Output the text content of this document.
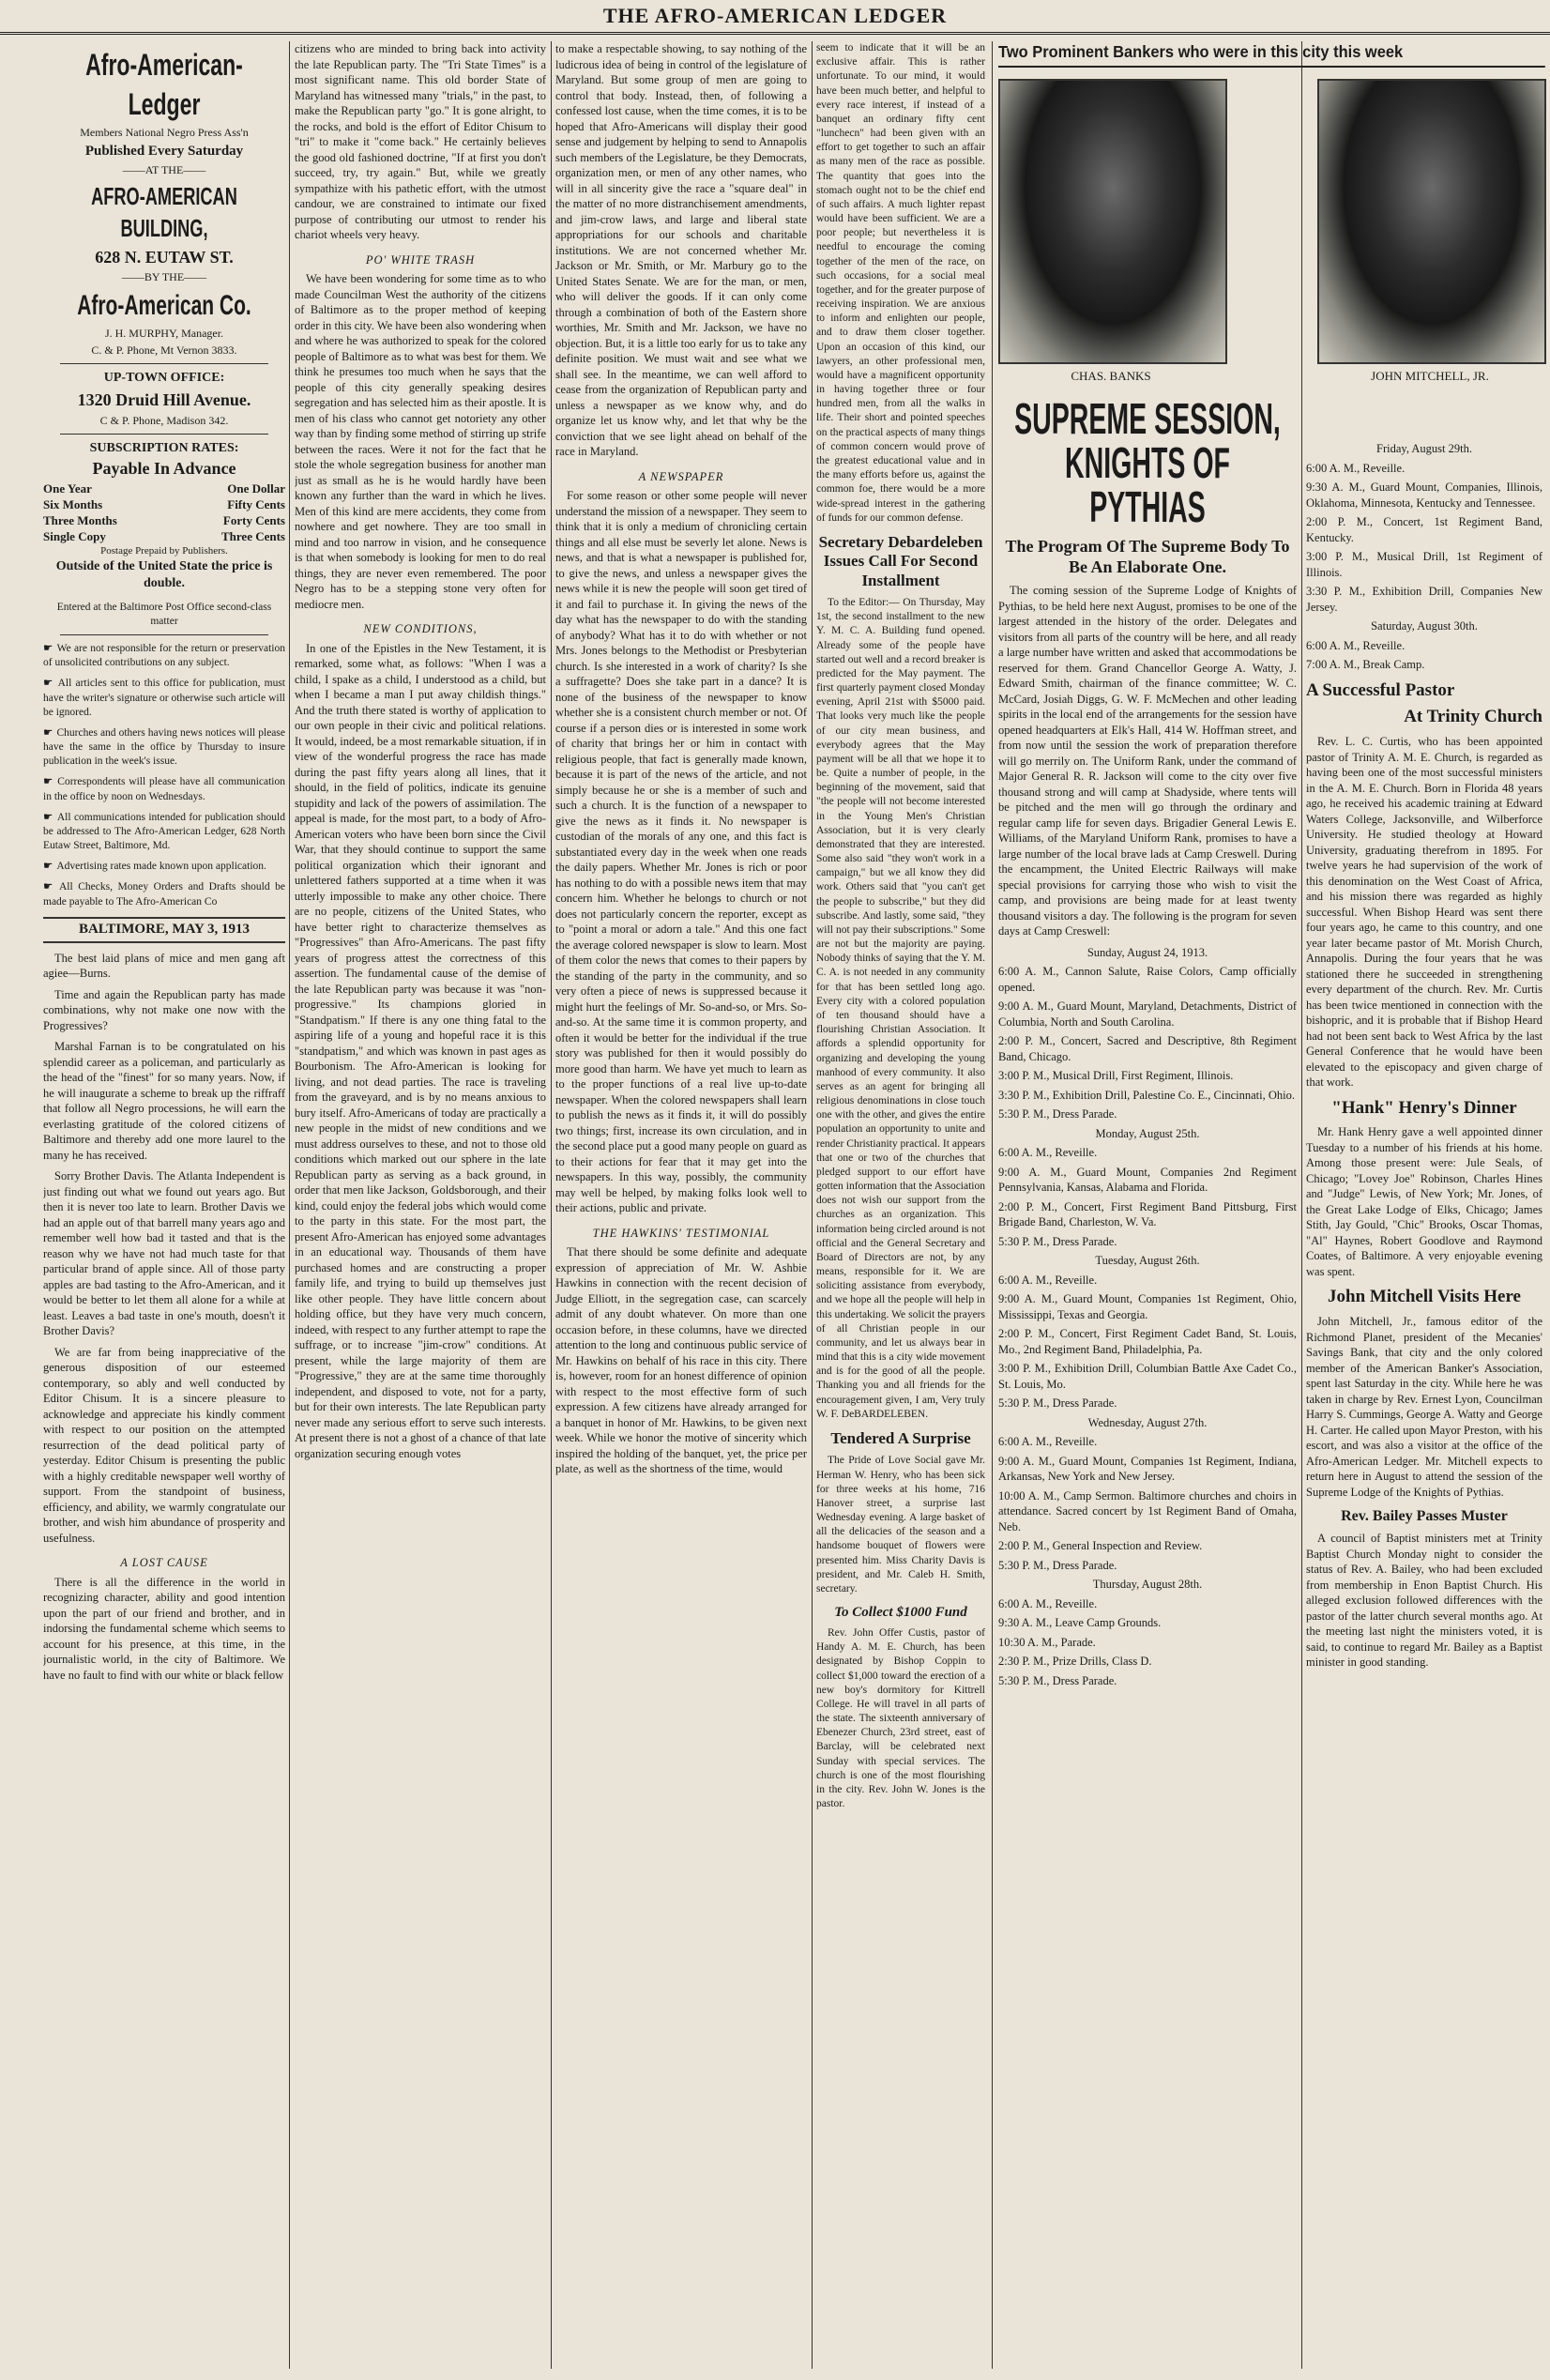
THE AFRO-AMERICAN LEDGER
Afro-American-Ledger
Members National Negro Press Ass'n
Published Every Saturday
——AT THE——
AFRO-AMERICAN BUILDING,
628 N. EUTAW ST.
——BY THE——
Afro-American Co.
J. H. MURPHY, Manager.
C. & P. Phone, Mt Vernon 3833.
UP-TOWN OFFICE:
1320 Druid Hill Avenue.
C & P. Phone, Madison 342.
SUBSCRIPTION RATES:
Payable In Advance
One Year	One Dollar
Six Months	Fifty Cents
Three Months	Forty Cents
Single Copy	Three Cents
Postage Prepaid by Publishers.
Outside of the United State the price is double.
Entered at the Baltimore Post Office second-class matter

☛ We are not responsible for the return or preservation of unsolicited contributions on any subject.

☛ All articles sent to this office for publication, must have the writer's signature or otherwise such article will be ignored.

☛ Churches and others having news notices will please have the same in the office by Thursday to insure publication in the week's issue.

☛ Correspondents will please have all communication in the office by noon on Wednesdays.

☛ All communications intended for publication should be addressed to The Afro-American Ledger, 628 North Eutaw Street, Baltimore, Md.

☛ Advertising rates made known upon application.

☛ All Checks, Money Orders and Drafts should be made payable to The Afro-American Co

BALTIMORE, MAY 3, 1913

The best laid plans of mice and men gang aft agiee—Burns.

Time and again the Republican party has made combinations, why not make one now with the Progressives?

Marshal Farnan is to be congratulated on his splendid career as a policeman, and particularly as the head of the "finest" for so many years. Now, if he will inaugurate a scheme to break up the riffraff that follow all Negro processions, he will earn the everlasting gratitude of the colored citizens of Baltimore and thereby add one more laurel to the many he has received.

Sorry Brother Davis. The Atlanta Independent is just finding out what we found out years ago. But then it is never too late to learn. Brother Davis we had an apple out of that barrell many years ago and remember well how bad it tasted and that is the reason why we have not had much taste for that particular brand of apple since. All of those party apples are bad tasting to the Afro-American, and it would be better to let them all alone for a while at least. Leaves a bad taste in one's mouth, doesn't it Brother Davis?

We are far from being inappreciative of the generous disposition of our esteemed contemporary, so ably and well conducted by Editor Chisum. It is a sincere pleasure to acknowledge and appreciate his kindly comment with respect to our position on the attempted resurrection of the dead political party of yesterday. Editor Chisum is presenting the public with a highly creditable newspaper well worthy of support. From the standpoint of business, efficiency, and ability, we warmly congratulate our brother, and wish him abundance of prosperity and usefulness.

A LOST CAUSE

There is all the difference in the world in recognizing character, ability and good intention upon the part of our friend and brother, and in indorsing the fundamental scheme which seems to account for his presence, at this time, in the journalistic world, in the city of Baltimore. We have no fault to find with our white or black fellow

citizens who are minded to bring back into activity the late Republican party. The "Tri State Times" is a most significant name. This old border State of Maryland has witnessed many "trials," in the past, to make the Republican party "go." It is gone alright, to the rocks, and bold is the effort of Editor Chisum to "tri" to make it "come back." He certainly believes the good old fashioned doctrine, "If at first you don't succeed, try, try again." But, while we greatly sympathize with his pathetic effort, with the utmost candour, we are constrained to intimate our fixed purpose of contributing our utmost to render his chariot wheels very heavy.

PO' WHITE TRASH

We have been wondering for some time as to who made Councilman West the authority of the citizens of Baltimore as to the proper method of keeping order in this city. We have been also wondering when and where he was authorized to speak for the colored people of Baltimore as to what was best for them. We think he presumes too much when he says that the people of this city generally speaking desires segregation and has selected him as their apostle. It is men of his class who cannot get notoriety any other way than by finding some method of stirring up strife between the races. Were it not for the fact that he stole the whole segregation business for another man just as small as he is he would hardly have been known any further than the ward in which he lives. Men of this kind are mere accidents, they come from nowhere and get nowhere. They are too small in mind and too narrow in vision, and he consequence is that when somebody is looking for men to do real things, they are never even remembered. The poor Negro has to be a stepping stone very often for mediocre men.

NEW CONDITIONS,

In one of the Epistles in the New Testament, it is remarked, some what, as follows: "When I was a child, I spake as a child, I understood as a child, but when I became a man I put away childish things." And the truth there stated is worthy of application to our own people in their civic and political relations. It would, indeed, be a most remarkable situation, if in view of the wonderful progress the race has made during the past fifty years along all lines, that it should, in the field of politics, indicate its genuine stupidity and lack of the powers of assimilation. The appeal is made, for the most part, to a body of Afro-American voters who have been born since the Civil War, that they should continue to support the same political organization which their ignorant and unlettered fathers supported at a time when it was utterly impossible to make any other choice. There are no people, citizens of the United States, who have better right to characterize themselves as "Progressives" than Afro-Americans. The past fifty years of progress attest the correctness of this assertion. The fundamental cause of the demise of the late Republican party was because it was "non-progressive." Its champions gloried in "Standpatism." If there is any one thing fatal to the aspiring life of a young and hopeful race it is this "standpatism," and which was known in past ages as Bourbonism. The Afro-American is looking for living, and not dead parties. The race is traveling from the graveyard, and is by no means anxious to bury itself. Afro-Americans of today are practically a new people in the midst of new conditions and we must address ourselves to these, and not to those old conditions which marked out our sphere in the late Republican party as serving as a back ground, in order that men like Jackson, Goldsborough, and their kind, could enjoy the federal jobs which would come to the party in this state. For the most part, the present Afro-American has enjoyed some advantages in an educational way. Thousands of them have purchased homes and are constructing a proper family life, and trying to build up themselves just like other people. They have little concern about holding office, but they have very much concern, indeed, with respect to any further attempt to rape the suffrage, or to increase "jim-crow" conditions. At present, while the large majority of them are "Progressive," they are at the same time thoroughly independent, and disposed to vote, not for a party, but for their own interests. The late Republican party never made any serious effort to serve such interests. At present there is not a ghost of a chance of that late organization securing enough votes

to make a respectable showing, to say nothing of the ludicrous idea of being in control of the legislature of Maryland. But some group of men are going to control that body. Instead, then, of following a confessed lost cause, when the time comes, it is to be hoped that Afro-Americans will display their good sense and judgement by helping to send to Annapolis such members of the Legislature, be they Democrats, organization men, or men of any other names, who will in all sincerity give the race a "square deal" in the matter of no more distranchisement amendments, and jim-crow laws, and large and liberal state appropriations for our schools and charitable institutions. We are not concerned whether Mr. Jackson or Mr. Smith, or Mr. Marbury go to the United States Senate. We are for the man, or men, who will deliver the goods. If it can only come through a combination of both of the Eastern shore worthies, Mr. Smith and Mr. Jackson, we have no objection. But, it is a little too early for us to take any definite position. We must wait and see what we shall see. In the meantime, we can well afford to cease from the organization of Republican party and unless a newspaper as we know why, and do organize let us know why, and let that why be the conviction that we see light ahead on behalf of the race in Maryland.

A NEWSPAPER

For some reason or other some people will never understand the mission of a newspaper. They seem to think that it is only a medium of chronicling certain things and all else must be severly let alone. News is news, and that is what a newspaper is published for, to give the news, and unless a newspaper gives the news while it is new the people will soon get tired of it and fail to purchase it. In giving the news of the day what has the newspaper to do with the standing of anybody? What has it to do with whether or not Mrs. Jones belongs to the Methodist or Presbyterian church. Is she interested in a work of charity? Is she a suffragette? Does she take part in a dance? It is none of the business of the newspaper to know whether she is a consistent church member or not. Of course if a person dies or is interested in some work of charity that brings her or him in contact with religious people, that fact is generally made known, because it is part of the news of the article, and not simply because he or she is a member of such and such a church. It is the function of a newspaper to give the news as it finds it. No newspaper is custodian of the morals of any one, and this fact is substantiated every day in the week when one reads the daily papers. Whether Mr. Jones is rich or poor has nothing to do with a possible news item that may concern him. Whether he belongs to church or not does not particularly concern the reporter, except as to "point a moral or adorn a tale." And this one fact the average colored newspaper is slow to learn. Most of them color the news that comes to their papers by the standing of the party in the community, and so very often a piece of news is suppressed because it might hurt the feelings of Mr. So-and-so, or Mrs. So-and-so. At the same time it is common property, and often it would be better for the individual if the true story was published for then it would possibly do more good than harm. We have yet much to learn as to the proper functions of a real live up-to-date newspaper. When the colored newspapers shall learn to publish the news as it finds it, it will do possibly two things; first, increase its own circulation, and in the second place put a good many people on guard as to their actions for fear that it may get into the newspapers. In this way, possibly, the community may well be helped, by making folks look well to their actions, public and private.

THE HAWKINS' TESTIMONIAL

That there should be some definite and adequate expression of appreciation of Mr. W. Ashbie Hawkins in connection with the recent decision of Judge Elliott, in the segregation case, can scarcely admit of any doubt whatever. On more than one occasion before, in these columns, have we directed attention to the long and continuous public service of Mr. Hawkins on behalf of his race in this city. There is, however, room for an honest difference of opinion with respect to the most effective form of such expression. A few citizens have already arranged for a banquet in honor of Mr. Hawkins, to be given next week. While we honor the motive of sincerity which inspired the holding of the banquet, yet, the price per plate, as well as the shortness of the time, would

seem to indicate that it will be an exclusive affair. This is rather unfortunate. To our mind, it would have been much better, and helpful to every race interest, if instead of a banquet an ordinary fifty cent "lunchecn" had been given with an effort to get together to such an affair as many men of the race as possible. The quantity that goes into the stomach ought not to be the chief end of such affairs. A much lighter repast would have been sufficient. We are a poor people; but nevertheless it is needful to encourage the coming together of the men of the race, on such occasions, for a social meal together, and for the greater purpose of receiving inspiration. We are anxious to inform and enlighten our people, and to draw them closer together. Upon an occasion of this kind, our lawyers, an other professional men, would have a magnificent opportunity in having together three or four hundred men, from all the walks in life. Their short and pointed speeches on the practical aspects of many things of common concern would prove of the greatest educational value and in the many efforts before us, against the common foe, there would be a more wide-spread interest in the gathering of funds for our common defense.

Secretary Debardeleben Issues Call For Second Installment

To the Editor:— On Thursday, May 1st, the second installment to the new Y. M. C. A. Building fund opened. Already some of the people have started out well and a record breaker is predicted for the May payment. The first quarterly payment closed Monday evening, April 21st with $5000 paid. That looks very much like the people of our city mean business, and everybody agrees that the May payment will be all that we hope it to be. Quite a number of people, in the beginning of the movement, said that "the people will not become interested in the Young Men's Christian Association, but it is very clearly demonstrated that they are interested. Some also said "they won't work in a campaign," but we all know they did work. Others said that "you can't get the people to subscribe," but they did subscribe. And lastly, some said, "they will not pay their subscriptions." Some are not but the majority are paying. Nobody thinks of saying that the Y. M. C. A. is not needed in any community for that has been settled long ago. Every city with a colored population of ten thousand should have a flourishing Christian Association. It affords a splendid opportunity for organizing and developing the young manhood of every community. It also serves as an agent for bringing all religious denominations in close touch one with the other, and gives the entire population an opportunity to unite and render Christianity practical. It appears that one or two of the churches that pledged support to our effort have gotten information that the Association does not wish our support from the churches as an organization. This information being circled around is not official and the General Secretary and Board of Directors are not, by any means, responsible for it. We are soliciting assistance from everybody, and we hope all the people will help in this undertaking. We solicit the prayers of all Christian people in our community, and let us always bear in mind that this is a city wide movement and is for the good of all the people. Thanking you and all friends for the encouragement given, I am, Very truly W. F. DeBARDELEBEN.

Tendered A Surprise

The Pride of Love Social gave Mr. Herman W. Henry, who has been sick for three weeks at his home, 716 Hanover street, a surprise last Wednesday evening. A large basket of all the delicacies of the season and a handsome bouquet of flowers were presented him. Miss Charity Davis is president, and Mr. Caleb H. Smith, secretary.

To Collect $1000 Fund

Rev. John Offer Custis, pastor of Handy A. M. E. Church, has been designated by Bishop Coppin to collect $1,000 toward the erection of a new boy's dormitory for Kittrell College. He will travel in all parts of the state. The sixteenth anniversary of Ebenezer Church, 23rd street, east of Barclay, will be celebrated next Sunday with special services. The church is one of the most flourishing in the city. Rev. John W. Jones is the pastor.

Two Prominent Bankers who were in this city this week
CHAS. BANKS	JOHN MITCHELL, JR.
SUPREME SESSION,
KNIGHTS OF PYTHIAS
The Program Of The Supreme Body To Be An Elaborate One.

The coming session of the Supreme Lodge of Knights of Pythias, to be held here next August, promises to be one of the largest attended in the history of the order. Delegates and visitors from all parts of the country will be here, and all ready a large number have written and asked that accommodations be reserved for them. Grand Chancellor George A. Watty, J. Edward Smith, chairman of the finance committee; W. C. McCard, Josiah Diggs, G. W. F. McMechen and other leading spirits in the local end of the arrangements for the session have opened headquarters at Elk's Hall, 414 W. Hoffman street, and from now until the session the work of preparation therefore will go merrily on. The Uniform Rank, under the command of Major General R. R. Jackson will come to the city over five thousand strong and will camp at Shadyside, where tents will be pitched and the men will go through the ordinary and regular camp life for seven days. Brigadier General Lewis E. Williams, of the Maryland Uniform Rank, promises to have a large number of the local brave lads at Camp Creswell. During the encampment, the United Electric Railways will make special provisions for carrying those who wish to visit the camp, and provisions are being made for at least twenty thousand visitors a day. The following is the program for seven days at Camp Creswell:

Sunday, August 24, 1913.

6:00 A. M., Cannon Salute, Raise Colors, Camp officially opened.

9:00 A. M., Guard Mount, Maryland, Detachments, District of Columbia, North and South Carolina.

2:00 P. M., Concert, Sacred and Descriptive, 8th Regiment Band, Chicago.

3:00 P. M., Musical Drill, First Regiment, Illinois.

3:30 P. M., Exhibition Drill, Palestine Co. E., Cincinnati, Ohio.

5:30 P. M., Dress Parade.

Monday, August 25th.

6:00 A. M., Reveille.

9:00 A. M., Guard Mount, Companies 2nd Regiment Pennsylvania, Kansas, Alabama and Florida.

2:00 P. M., Concert, First Regiment Band Pittsburg, First Brigade Band, Charleston, W. Va.

5:30 P. M., Dress Parade.

Tuesday, August 26th.

6:00 A. M., Reveille.

9:00 A. M., Guard Mount, Companies 1st Regiment, Ohio, Mississippi, Texas and Georgia.

2:00 P. M., Concert, First Regiment Cadet Band, St. Louis, Mo., 2nd Regiment Band, Philadelphia, Pa.

3:00 P. M., Exhibition Drill, Columbian Battle Axe Cadet Co., St. Louis, Mo.

5:30 P. M., Dress Parade.

Wednesday, August 27th.

6:00 A. M., Reveille.

9:00 A. M., Guard Mount, Companies 1st Regiment, Indiana, Arkansas, New York and New Jersey.

10:00 A. M., Camp Sermon. Baltimore churches and choirs in attendance. Sacred concert by 1st Regiment Band of Omaha, Neb.

2:00 P. M., General Inspection and Review.

5:30 P. M., Dress Parade.

Thursday, August 28th.

6:00 A. M., Reveille.

9:30 A. M., Leave Camp Grounds.

10:30 A. M., Parade.

2:30 P. M., Prize Drills, Class D.

5:30 P. M., Dress Parade.

Friday, August 29th.

6:00 A. M., Reveille.

9:30 A. M., Guard Mount, Companies, Illinois, Oklahoma, Minnesota, Kentucky and Tennessee.

2:00 P. M., Concert, 1st Regiment Band, Kentucky.

3:00 P. M., Musical Drill, 1st Regiment of Illinois.

3:30 P. M., Exhibition Drill, Companies New Jersey.

Saturday, August 30th.

6:00 A. M., Reveille.

7:00 A. M., Break Camp.

A Successful Pastor
At Trinity Church

Rev. L. C. Curtis, who has been appointed pastor of Trinity A. M. E. Church, is regarded as having been one of the most successful ministers in the A. M. E. Church. Born in Florida 48 years ago, he received his academic training at Edward Waters College, Jacksonville, and Wilberforce University. He studied theology at Howard University, graduating therefrom in 1895. For twelve years he had supervision of the work of this denomination on the West Coast of Africa, and his mission there was regarded as highly successful. When Bishop Heard was sent there four years ago, he came to this country, and one year later became pastor of Mt. Morish Church, Annapolis. During the four years that he was stationed there he succeeded in strengthening every department of the church. Rev. Mr. Curtis has been twice mentioned in connection with the bishopric, and it is probable that if Bishop Heard had not been sent back to West Africa by the last General Conference that he would have been elevated to the episcopacy and given charge of that work.

"Hank" Henry's Dinner

Mr. Hank Henry gave a well appointed dinner Tuesday to a number of his friends at his home. Among those present were: Jule Seals, of Chicago; "Lovey Joe" Robinson, Charles Hines and "Judge" Lewis, of New York; Mr. Jones, of the Great Lake Lodge of Elks, Chicago; James Stith, Jay Gould, "Chic" Brooks, Oscar Thomas, "Al" Haynes, Robert Goodlove and Raymond Coates, of Baltimore. A very enjoyable evening was spent.

John Mitchell Visits Here

John Mitchell, Jr., famous editor of the Richmond Planet, president of the Mecanies' Savings Bank, that city and the only colored member of the American Banker's Association, spent last Saturday in the city. While here he was taken in charge by Rev. Ernest Lyon, Councilman Harry S. Cummings, George A. Watty and George H. Carter. He called upon Mayor Preston, with his escort, and was also a visitor at the office of the Afro-American Ledger. Mr. Mitchell expects to return here in August to attend the session of the Supreme Lodge of the Knights of Pythias.

Rev. Bailey Passes Muster

A council of Baptist ministers met at Trinity Baptist Church Monday night to consider the status of Rev. A. Bailey, who had been excluded from membership in Enon Baptist Church. His alleged exclusion followed differences with the pastor of the latter church several months ago. At the meeting last night the ministers voted, it is said, to continue to regard Mr. Bailey as a Baptist minister in good standing.
